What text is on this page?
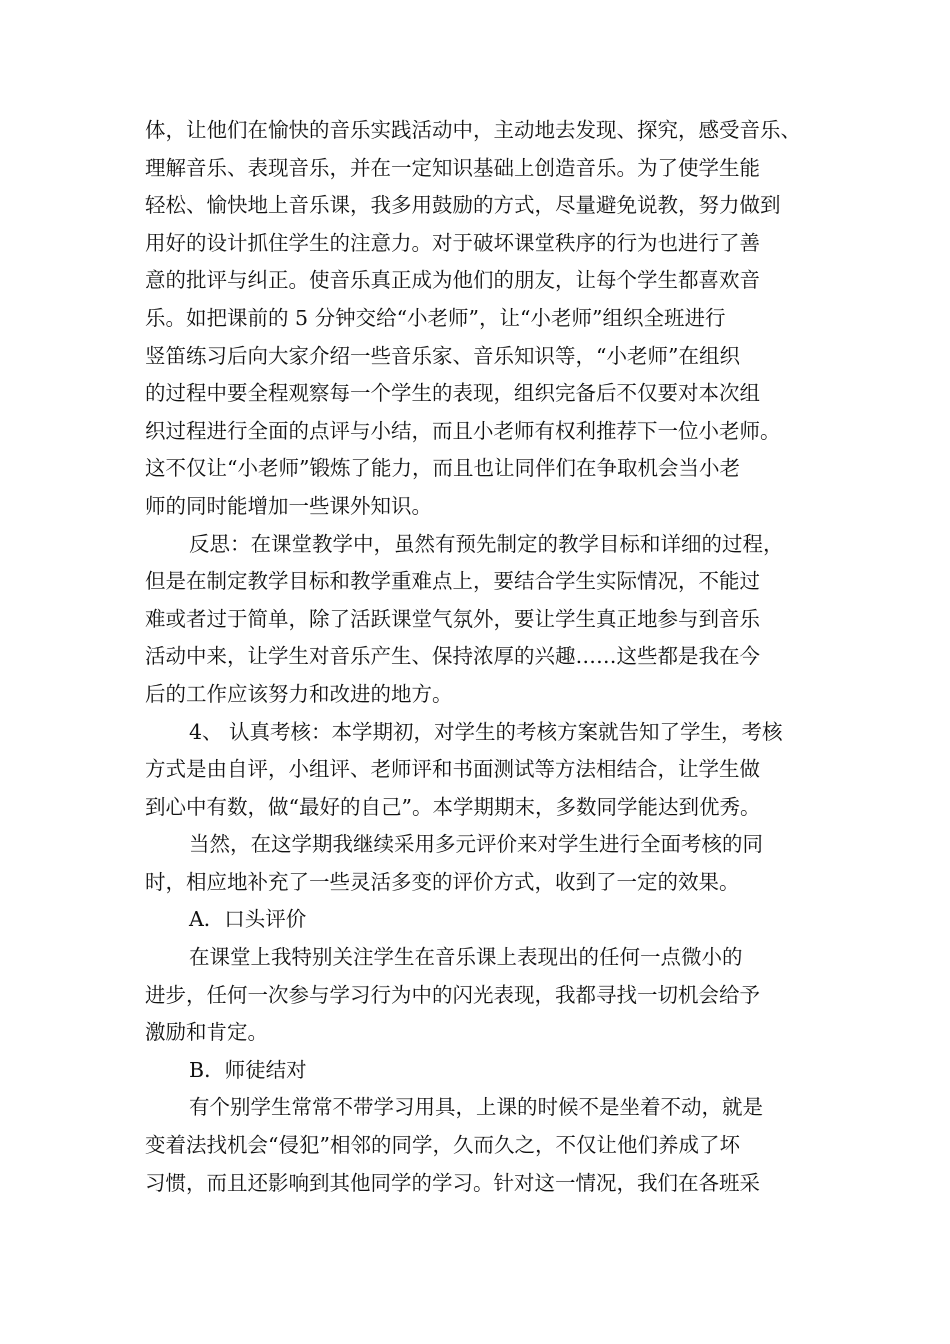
体，让他们在愉快的音乐实践活动中，主动地去发现、探究，感受音乐、
理解音乐、表现音乐，并在一定知识基础上创造音乐。为了使学生能
轻松、愉快地上音乐课，我多用鼓励的方式，尽量避免说教，努力做到
用好的设计抓住学生的注意力。对于破坏课堂秩序的行为也进行了善
意的批评与纠正。使音乐真正成为他们的朋友，让每个学生都喜欢音
乐。如把课前的 5 分钟交给“小老师”，让“小老师”组织全班进行
竖笛练习后向大家介绍一些音乐家、音乐知识等，“小老师”在组织
的过程中要全程观察每一个学生的表现，组织完备后不仅要对本次组
织过程进行全面的点评与小结，而且小老师有权利推荐下一位小老师。
这不仅让“小老师”锻炼了能力，而且也让同伴们在争取机会当小老
师的同时能增加一些课外知识。
反思：在课堂教学中，虽然有预先制定的教学目标和详细的过程，
但是在制定教学目标和教学重难点上，要结合学生实际情况，不能过
难或者过于简单，除了活跃课堂气氛外，要让学生真正地参与到音乐
活动中来，让学生对音乐产生、保持浓厚的兴趣……这些都是我在今
后的工作应该努力和改进的地方。
4、 认真考核：本学期初，对学生的考核方案就告知了学生，考核
方式是由自评，小组评、老师评和书面测试等方法相结合，让学生做
到心中有数，做“最好的自己”。本学期期末，多数同学能达到优秀。
当然，在这学期我继续采用多元评价来对学生进行全面考核的同
时，相应地补充了一些灵活多变的评价方式，收到了一定的效果。
A．口头评价
在课堂上我特别关注学生在音乐课上表现出的任何一点微小的
进步，任何一次参与学习行为中的闪光表现，我都寻找一切机会给予
激励和肯定。
B．师徒结对
有个别学生常常不带学习用具，上课的时候不是坐着不动，就是
变着法找机会“侵犯”相邻的同学，久而久之，不仅让他们养成了坏
习惯，而且还影响到其他同学的学习。针对这一情况，我们在各班采
